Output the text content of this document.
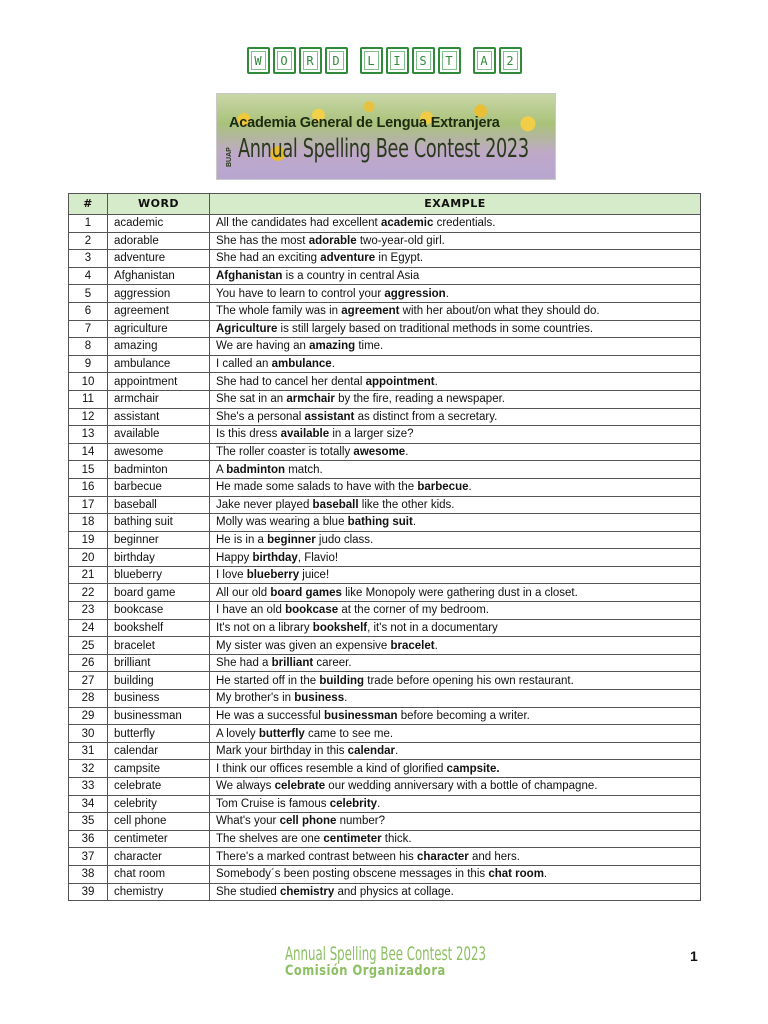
W	O	R	D	L	I	S	T	A	2
Academia General de Lengua Extranjera
BUAP Annual Spelling Bee Contest 2023
#	WORD	EXAMPLE
1	academic	All the candidates had excellent academic credentials.
2	adorable	She has the most adorable two-year-old girl.
3	adventure	She had an exciting adventure in Egypt.
4	Afghanistan	Afghanistan is a country in central Asia
5	aggression	You have to learn to control your aggression.
6	agreement	The whole family was in agreement with her about/on what they should do.
7	agriculture	Agriculture is still largely based on traditional methods in some countries.
8	amazing	We are having an amazing time.
9	ambulance	I called an ambulance.
10	appointment	She had to cancel her dental appointment.
11	armchair	She sat in an armchair by the fire, reading a newspaper.
12	assistant	She's a personal assistant as distinct from a secretary.
13	available	Is this dress available in a larger size?
14	awesome	The roller coaster is totally awesome.
15	badminton	A badminton match.
16	barbecue	He made some salads to have with the barbecue.
17	baseball	Jake never played baseball like the other kids.
18	bathing suit	Molly was wearing a blue bathing suit.
19	beginner	He is in a beginner judo class.
20	birthday	Happy birthday, Flavio!
21	blueberry	I love blueberry juice!
22	board game	All our old board games like Monopoly were gathering dust in a closet.
23	bookcase	I have an old bookcase at the corner of my bedroom.
24	bookshelf	It's not on a library bookshelf, it's not in a documentary
25	bracelet	My sister was given an expensive bracelet.
26	brilliant	She had a brilliant career.
27	building	He started off in the building trade before opening his own restaurant.
28	business	My brother's in business.
29	businessman	He was a successful businessman before becoming a writer.
30	butterfly	A lovely butterfly came to see me.
31	calendar	Mark your birthday in this calendar.
32	campsite	I think our offices resemble a kind of glorified campsite.
33	celebrate	We always celebrate our wedding anniversary with a bottle of champagne.
34	celebrity	Tom Cruise is famous celebrity.
35	cell phone	What's your cell phone number?
36	centimeter	The shelves are one centimeter thick.
37	character	There's a marked contrast between his character and hers.
38	chat room	Somebody´s been posting obscene messages in this chat room.
39	chemistry	She studied chemistry and physics at collage.
Annual Spelling Bee Contest 2023
Comisión Organizadora
1
